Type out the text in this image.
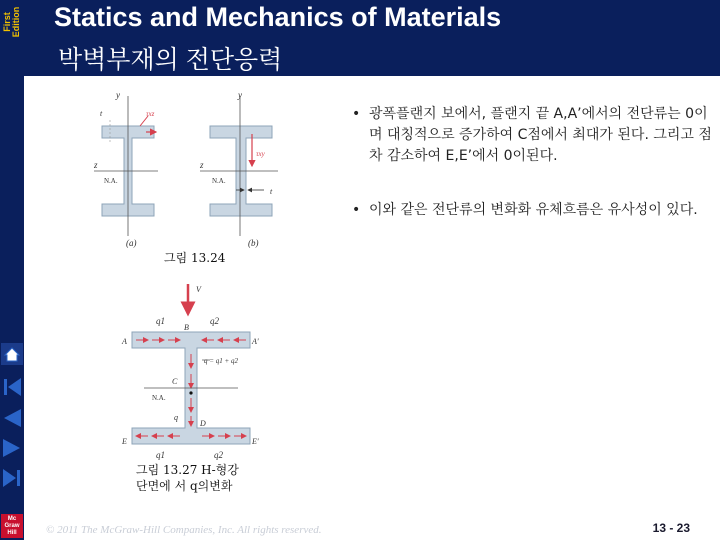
First
Edition
Mc
Graw
Hill
Statics and Mechanics of Materials
박벽부재의 전단응력
y
z
N.A.
t	τxz
(a)
y
z
N.A.
t
τxy
(b)
그림 13.24
V
q1	q2
B
A	A′
q = q1 + q2
C
N.A.
q
D
E	E′
q1	q2
그림 13.27 H-형강
단면에 서 q의변화

• 광폭플랜지 보에서, 플랜지 끝 A,A’에서의 전단류는 0이며 대칭적으로 증가하여 C점에서 최대가 된다. 그리고 점차 감소하여 E,E’에서 0이된다.

• 이와 같은 전단류의 변화화 유체흐름은 유사성이 있다.

© 2011 The McGraw-Hill Companies, Inc. All rights reserved.	13 - 23
